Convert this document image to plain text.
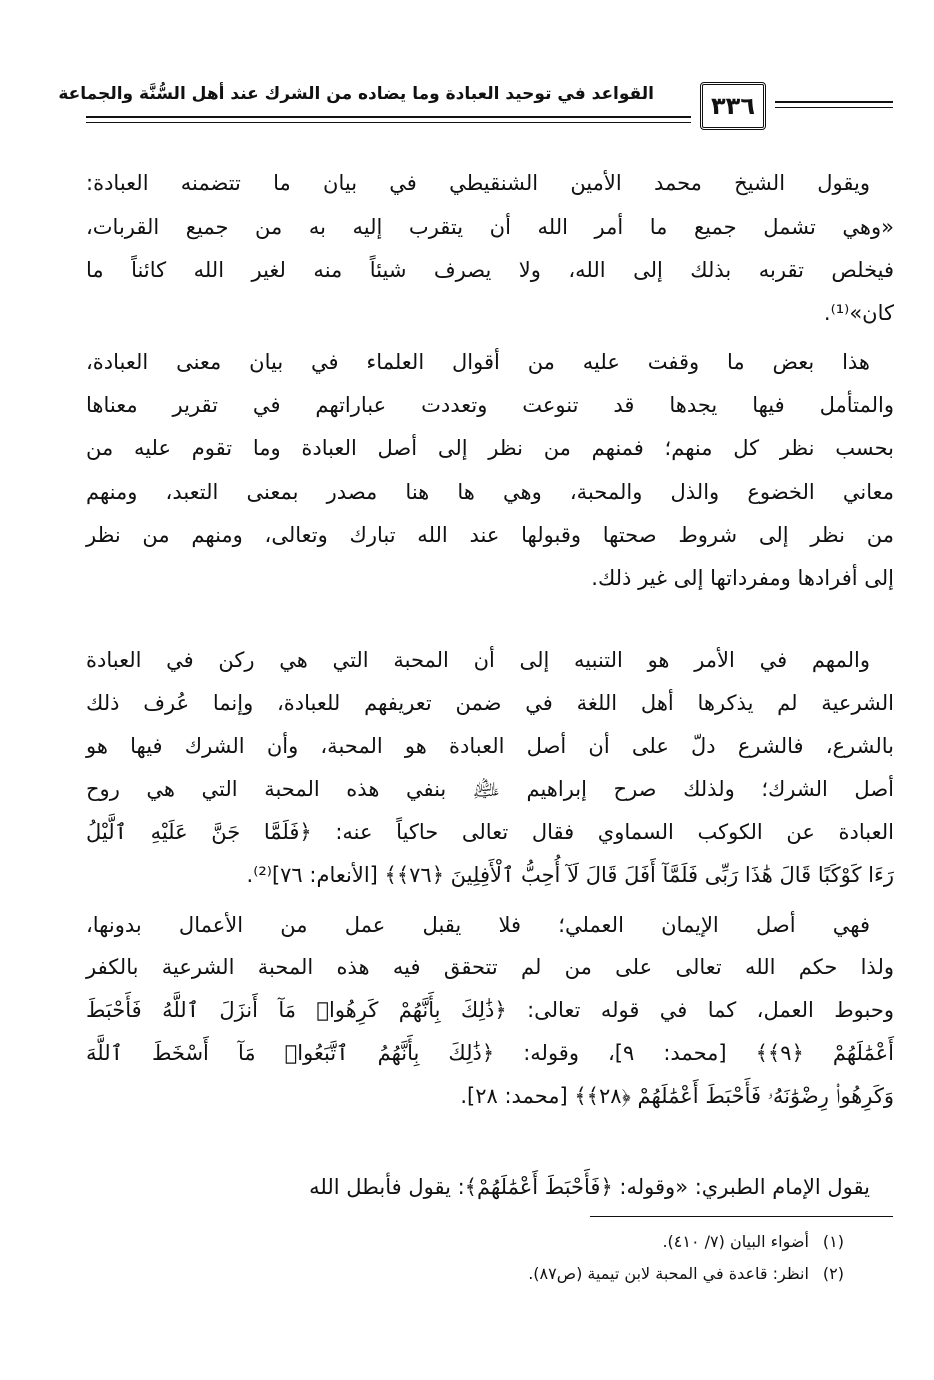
القواعد في توحيد العبادة وما يضاده من الشرك عند أهل السُّنَّة والجماعة	٣٣٦
ويقول الشيخ محمد الأمين الشنقيطي في بيان ما تتضمنه العبادة:
«وهي تشمل جميع ما أمر الله أن يتقرب إليه به من جميع القربات،
فيخلص تقربه بذلك إلى الله، ولا يصرف شيئاً منه لغير الله كائناً ما
كان»⁽¹⁾.
هذا بعض ما وقفت عليه من أقوال العلماء في بيان معنى العبادة،
والمتأمل فيها يجدها قد تنوعت وتعددت عباراتهم في تقرير معناها
بحسب نظر كل منهم؛ فمنهم من نظر إلى أصل العبادة وما تقوم عليه من
معاني الخضوع والذل والمحبة، وهي ها هنا مصدر بمعنى التعبد، ومنهم
من نظر إلى شروط صحتها وقبولها عند الله تبارك وتعالى، ومنهم من نظر
إلى أفرادها ومفرداتها إلى غير ذلك.
والمهم في الأمر هو التنبيه إلى أن المحبة التي هي ركن في العبادة
الشرعية لم يذكرها أهل اللغة في ضمن تعريفهم للعبادة، وإنما عُرف ذلك
بالشرع، فالشرع دلّ على أن أصل العبادة هو المحبة، وأن الشرك فيها هو
أصل الشرك؛ ولذلك صرح إبراهيم ﵇ بنفي هذه المحبة التي هي روح
العبادة عن الكوكب السماوي فقال تعالى حاكياً عنه: ﴿فَلَمَّا جَنَّ عَلَيْهِ ٱلَّيْلُ
رَءَا كَوْكَبًا قَالَ هَٰذَا رَبِّى فَلَمَّآ أَفَلَ قَالَ لَآ أُحِبُّ ٱلْأَفِلِينَ ﴿٧٦﴾﴾ [الأنعام: ٧٦]⁽²⁾.
فهي أصل الإيمان العملي؛ فلا يقبل عمل من الأعمال بدونها،
ولذا حكم الله تعالى على من لم تتحقق فيه هذه المحبة الشرعية بالكفر
وحبوط العمل، كما في قوله تعالى: ﴿ذَٰلِكَ بِأَنَّهُمْ كَرِهُوا۟ مَآ أَنزَلَ ٱللَّهُ فَأَحْبَطَ
أَعْمَٰلَهُمْ ﴿٩﴾﴾ [محمد: ٩]، وقوله: ﴿ذَٰلِكَ بِأَنَّهُمُ ٱتَّبَعُوا۟ مَآ أَسْخَطَ ٱللَّهَ
وَكَرِهُوا۟ رِضْوَٰنَهُۥ فَأَحْبَطَ أَعْمَٰلَهُمْ ﴿٢٨﴾﴾ [محمد: ٢٨].
يقول الإمام الطبري: «وقوله: ﴿فَأَحْبَطَ أَعْمَٰلَهُمْ﴾: يقول فأبطل الله
(١)أضواء البيان (٧/ ٤١٠).
(٢)انظر: قاعدة في المحبة لابن تيمية (ص٨٧).
